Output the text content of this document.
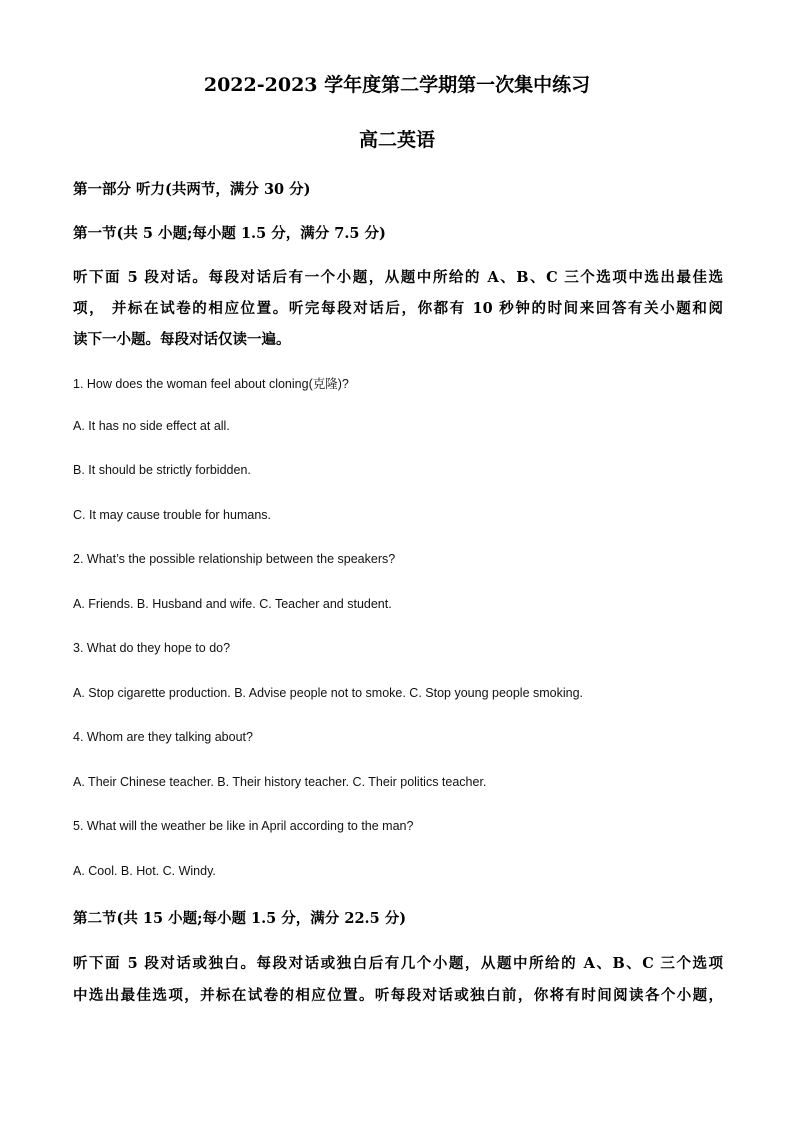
2022-2023 学年度第二学期第一次集中练习
高二英语
第一部分 听力(共两节，满分 30 分)
第一节(共 5 小题;每小题 1.5 分，满分 7.5 分)
听下面 5 段对话。每段对话后有一个小题，从题中所给的 A、B、C 三个选项中选出最佳选
项， 并标在试卷的相应位置。听完每段对话后，你都有 10 秒钟的时间来回答有关小题和阅
读下一小题。每段对话仅读一遍。
1. How does the woman feel about cloning(克隆)?
A. It has no side effect at all.
B. It should be strictly forbidden.
C. It may cause trouble for humans.
2. What’s the possible relationship between the speakers?
A. Friends. B. Husband and wife. C. Teacher and student.
3. What do they hope to do?
A. Stop cigarette production. B. Advise people not to smoke. C. Stop young people smoking.
4. Whom are they talking about?
A. Their Chinese teacher. B. Their history teacher. C. Their politics teacher.
5. What will the weather be like in April according to the man?
A. Cool. B. Hot. C. Windy.
第二节(共 15 小题;每小题 1.5 分，满分 22.5 分)
听下面 5 段对话或独白。每段对话或独白后有几个小题，从题中所给的 A、B、C 三个选项
中选出最佳选项，并标在试卷的相应位置。听每段对话或独白前，你将有时间阅读各个小题，
